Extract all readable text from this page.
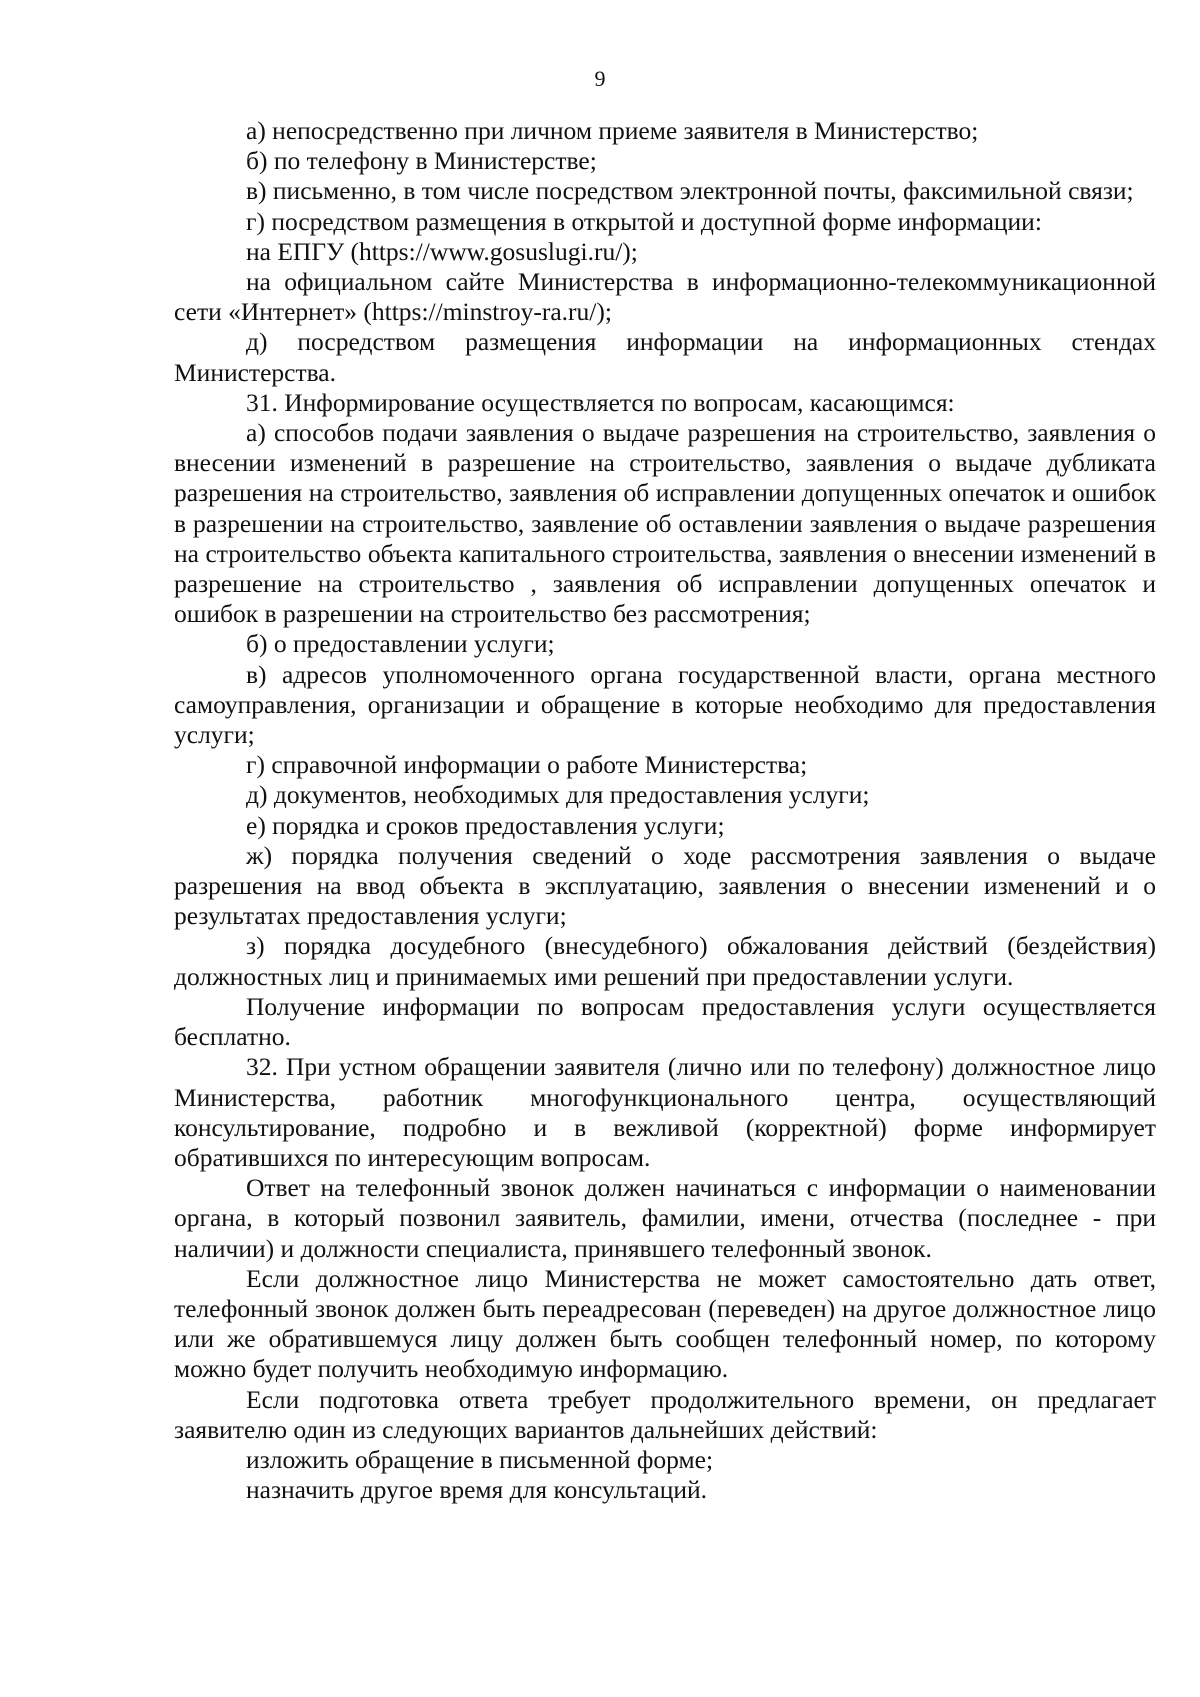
9

а) непосредственно при личном приеме заявителя в Министерство;

б) по телефону в Министерстве;

в) письменно, в том числе посредством электронной почты, факсимильной связи;

г) посредством размещения в открытой и доступной форме информации:

на ЕПГУ (https://www.gosuslugi.ru/);

на официальном сайте Министерства в информационно-телекоммуникационной сети «Интернет» (https://minstroy-ra.ru/);

д) посредством размещения информации на информационных стендах Министерства.

31. Информирование осуществляется по вопросам, касающимся:

а) способов подачи заявления о выдаче разрешения на строительство, заявления о внесении изменений в разрешение на строительство, заявления о выдаче дубликата разрешения на строительство, заявления об исправлении допущенных опечаток и ошибок в разрешении на строительство, заявление об оставлении заявления о выдаче разрешения на строительство объекта капитального строительства, заявления о внесении изменений в разрешение на строительство , заявления об исправлении допущенных опечаток и ошибок в разрешении на строительство без рассмотрения;

б) о предоставлении услуги;

в) адресов уполномоченного органа государственной власти, органа местного самоуправления, организации и обращение в которые необходимо для предоставления услуги;

г) справочной информации о работе Министерства;

д) документов, необходимых для предоставления услуги;

е) порядка и сроков предоставления услуги;

ж) порядка получения сведений о ходе рассмотрения заявления о выдаче разрешения на ввод объекта в эксплуатацию, заявления о внесении изменений и о результатах предоставления услуги;

з) порядка досудебного (внесудебного) обжалования действий (бездействия) должностных лиц и принимаемых ими решений при предоставлении услуги.

Получение информации по вопросам предоставления услуги осуществляется бесплатно.

32. При устном обращении заявителя (лично или по телефону) должностное лицо Министерства, работник многофункционального центра, осуществляющий консультирование, подробно и в вежливой (корректной) форме информирует обратившихся по интересующим вопросам.

Ответ на телефонный звонок должен начинаться с информации о наименовании органа, в который позвонил заявитель, фамилии, имени, отчества (последнее - при наличии) и должности специалиста, принявшего телефонный звонок.

Если должностное лицо Министерства не может самостоятельно дать ответ, телефонный звонок должен быть переадресован (переведен) на другое должностное лицо или же обратившемуся лицу должен быть сообщен телефонный номер, по которому можно будет получить необходимую информацию.

Если подготовка ответа требует продолжительного времени, он предлагает заявителю один из следующих вариантов дальнейших действий:

изложить обращение в письменной форме;

назначить другое время для консультаций.
